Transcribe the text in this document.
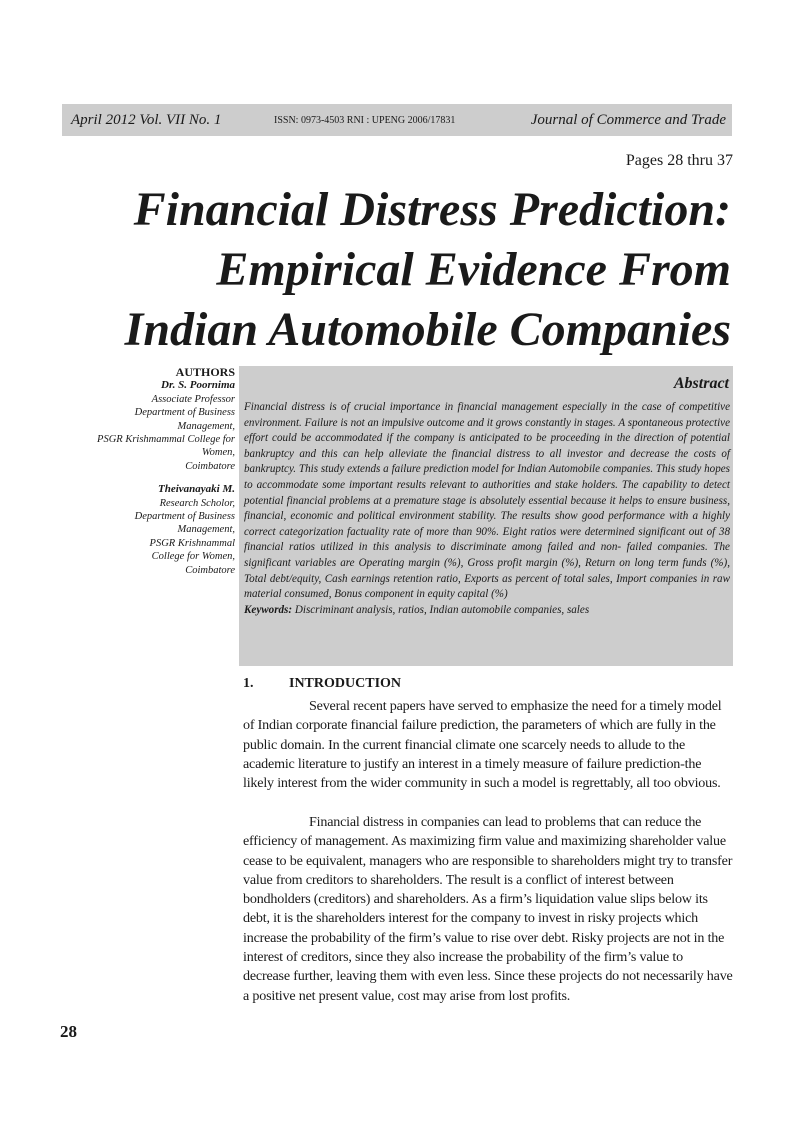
April 2012 Vol. VII No. 1	ISSN: 0973-4503 RNI : UPENG 2006/17831	Journal of Commerce and Trade
Pages 28 thru 37
Financial Distress Prediction:
Empirical Evidence From
Indian Automobile Companies
AUTHORS
Dr. S. Poornima
Associate Professor
Department of Business
Management,
PSGR Krishmammal College for
Women,
Coimbatore
Theivanayaki M.
Research Scholor,
Department of Business
Management,
PSGR Krishnammal
College for Women,
Coimbatore
Abstract
Financial distress is of crucial importance in financial management especially in the case of competitive environment. Failure is not an impulsive outcome and it grows constantly in stages. A spontaneous protective effort could be accommodated if the company is anticipated to be proceeding in the direction of potential bankruptcy and this can help alleviate the financial distress to all investor and decrease the costs of bankruptcy. This study extends a failure prediction model for Indian Automobile companies. This study hopes to accommodate some important results relevant to authorities and stake holders. The capability to detect potential financial problems at a premature stage is absolutely essential because it helps to ensure business, financial, economic and political environment stability. The results show good performance with a highly correct categorization factuality rate of more than 90%. Eight ratios were determined significant out of 38 financial ratios utilized in this analysis to discriminate among failed and non- failed companies. The significant variables are Operating margin (%), Gross profit margin (%), Return on long term funds (%), Total debt/equity, Cash earnings retention ratio, Exports as percent of total sales, Import companies in raw material consumed, Bonus component in equity capital (%)
Keywords: Discriminant analysis, ratios, Indian automobile companies, sales
1.	INTRODUCTION
Several recent papers have served to emphasize the need for a timely model of Indian corporate financial failure prediction, the parameters of which are fully in the public domain. In the current financial climate one scarcely needs to allude to the academic literature to justify an interest in a timely measure of failure prediction-the likely interest from the wider community in such a model is regrettably, all too obvious.
Financial distress in companies can lead to problems that can reduce the efficiency of management. As maximizing firm value and maximizing shareholder value cease to be equivalent, managers who are responsible to shareholders might try to transfer value from creditors to shareholders. The result is a conflict of interest between bondholders (creditors) and shareholders. As a firm’s liquidation value slips below its debt, it is the shareholders interest for the company to invest in risky projects which increase the probability of the firm’s value to rise over debt. Risky projects are not in the interest of creditors, since they also increase the probability of the firm’s value to decrease further, leaving them with even less. Since these projects do not necessarily have a positive net present value, cost may arise from lost profits.
28
